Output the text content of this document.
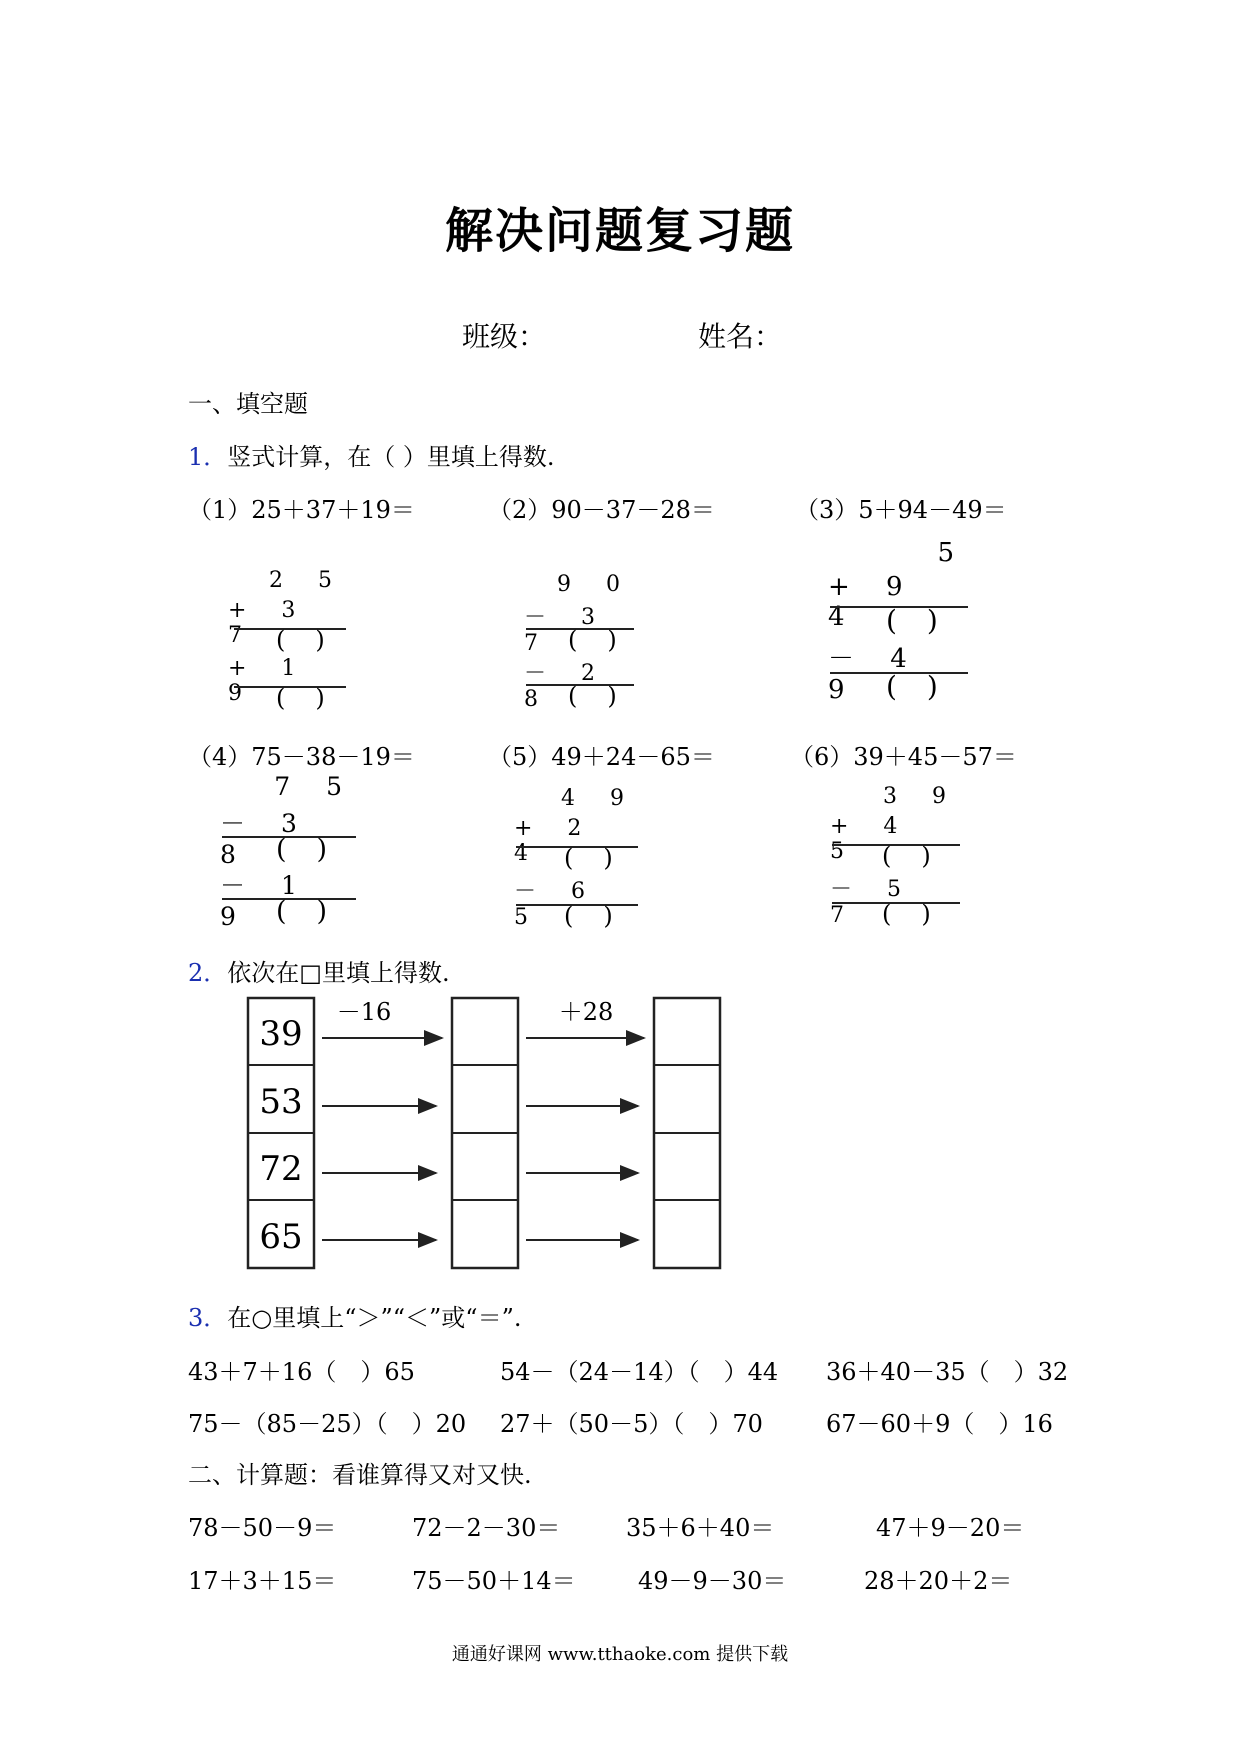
解决问题复习题
班级：	姓名：
一、填空题
1．竖式计算，在（ ）里填上得数.
（1）25＋37＋19＝	（2）90－37－28＝	（3）5＋94－49＝
2 5
+ 3 7 ()
+ 1 9 ()
9 0
－ 3 7 ()
－ 2 8 ()
5
+ 9 4 ()
－ 4 9 ()
（4）75－38－19＝	（5）49＋24－65＝	（6）39＋45－57＝
7 5
－ 3 8 ()
－ 1 9 ()
4 9
+ 2 4 ()
－ 6 5 ()
3 9
+ 4 5	()
－ 5 7	()
2．依次在□里填上得数.
39
53
72
65
－16	＋28
3．在○里填上“＞”“＜”或“＝”.
43＋7＋16（　）65	54－（24－14）（　）44 36＋40－35（　）32
75－（85－25）（　）20 27＋（50－5）（　）70	67－60＋9（　）16
二、计算题：看谁算得又对又快.
78－50－9＝	72－2－30＝	35＋6＋40＝	47＋9－20＝
17＋3＋15＝	75－50＋14＝	49－9－30＝	28＋20＋2＝
通通好课网 www.tthaoke.com 提供下载
